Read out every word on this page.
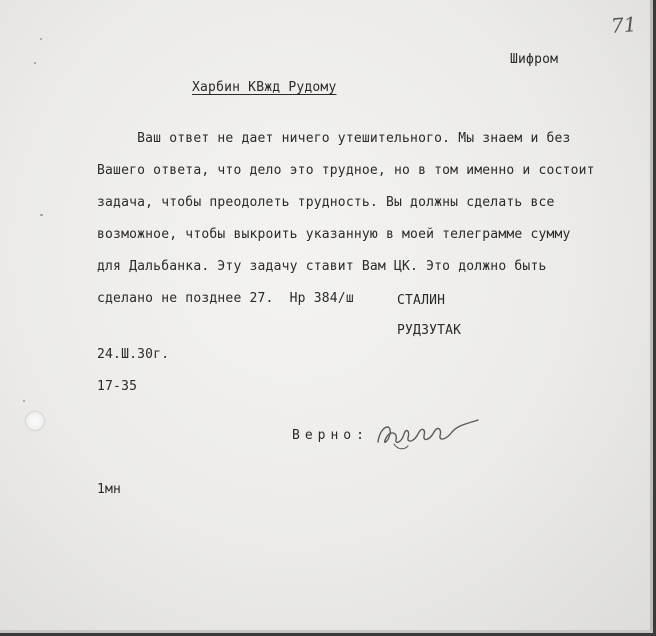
71
Шифром
Харбин КВжд Рудому
Ваш ответ не дает ничего утешительного. Мы знаем и без
Вашего ответа, что дело это трудное, но в том именно и состоит
задача, чтобы преодолеть трудность. Вы должны сделать все
возможное, чтобы выкроить указанную в моей телеграмме сумму
для Дальбанка. Эту задачу ставит Вам ЦК. Это должно быть
сделано не позднее 27.  Нр 384/ш	СТАЛИН
РУДЗУТАК
24.Ш.30г.
17-35
Верно:
1мн
